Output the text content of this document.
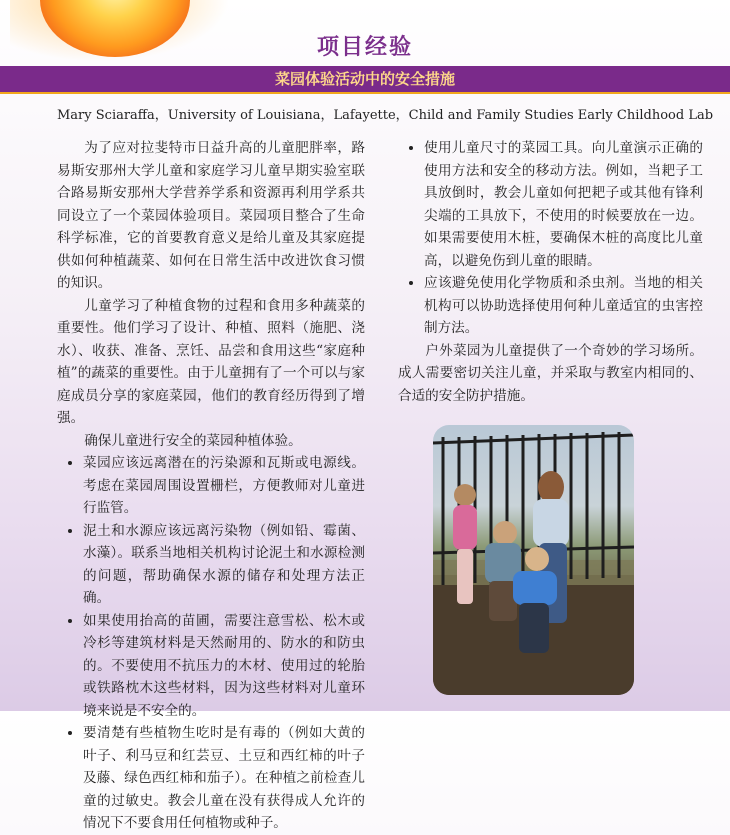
项目经验
菜园体验活动中的安全措施
Mary Sciaraffa，University of Louisiana，Lafayette，Child and Family Studies Early Childhood Lab

为了应对拉斐特市日益升高的儿童肥胖率，路易斯安那州大学儿童和家庭学习儿童早期实验室联合路易斯安那州大学营养学系和资源再利用学系共同设立了一个菜园体验项目。菜园项目整合了生命科学标准，它的首要教育意义是给儿童及其家庭提供如何种植蔬菜、如何在日常生活中改进饮食习惯的知识。

儿童学习了种植食物的过程和食用多种蔬菜的重要性。他们学习了设计、种植、照料（施肥、浇水）、收获、准备、烹饪、品尝和食用这些“家庭种植”的蔬菜的重要性。由于儿童拥有了一个可以与家庭成员分享的家庭菜园，他们的教育经历得到了增强。

确保儿童进行安全的菜园种植体验。

• 菜园应该远离潜在的污染源和瓦斯或电源线。考虑在菜园周围设置栅栏，方便教师对儿童进行监管。
• 泥土和水源应该远离污染物（例如铅、霉菌、水藻）。联系当地相关机构讨论泥土和水源检测的问题，帮助确保水源的储存和处理方法正确。
• 如果使用抬高的苗圃，需要注意雪松、松木或冷杉等建筑材料是天然耐用的、防水的和防虫的。不要使用不抗压力的木材、使用过的轮胎或铁路枕木这些材料，因为这些材料对儿童环境来说是不安全的。
• 要清楚有些植物生吃时是有毒的（例如大黄的叶子、利马豆和红芸豆、土豆和西红柿的叶子及藤、绿色西红柿和茄子）。在种植之前检查儿童的过敏史。教会儿童在没有获得成人允许的情况下不要食用任何植物或种子。
• 使用儿童尺寸的菜园工具。向儿童演示正确的使用方法和安全的移动方法。例如，当耙子工具放倒时，教会儿童如何把耙子或其他有锋利尖端的工具放下，不使用的时候要放在一边。如果需要使用木桩，要确保木桩的高度比儿童高，以避免伤到儿童的眼睛。
• 应该避免使用化学物质和杀虫剂。当地的相关机构可以协助选择使用何种儿童适宜的虫害控制方法。

户外菜园为儿童提供了一个奇妙的学习场所。成人需要密切关注儿童，并采取与教室内相同的、合适的安全防护措施。
